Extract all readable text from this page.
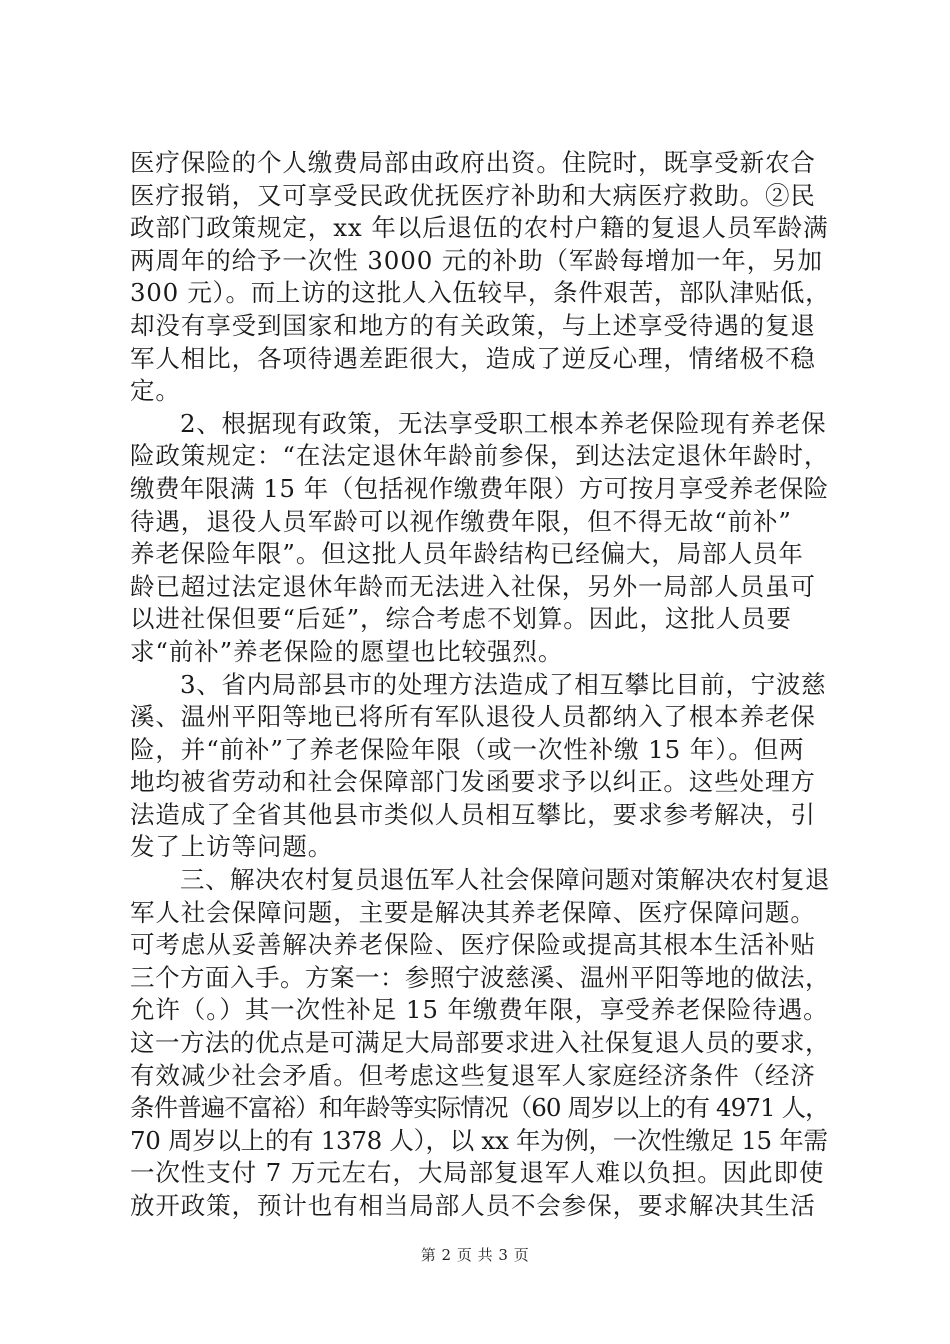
医疗保险的个人缴费局部由政府出资。住院时，既享受新农合
医疗报销，又可享受民政优抚医疗补助和大病医疗救助。②民
政部门政策规定，xx 年以后退伍的农村户籍的复退人员军龄满
两周年的给予一次性 3000 元的补助（军龄每增加一年，另加
300 元）。而上访的这批人入伍较早，条件艰苦，部队津贴低，
却没有享受到国家和地方的有关政策，与上述享受待遇的复退
军人相比，各项待遇差距很大，造成了逆反心理，情绪极不稳
定。
2、根据现有政策，无法享受职工根本养老保险现有养老保
险政策规定：“在法定退休年龄前参保，到达法定退休年龄时，
缴费年限满 15 年（包括视作缴费年限）方可按月享受养老保险
待遇，退役人员军龄可以视作缴费年限，但不得无故“前补”
养老保险年限”。但这批人员年龄结构已经偏大，局部人员年
龄已超过法定退休年龄而无法进入社保，另外一局部人员虽可
以进社保但要“后延”，综合考虑不划算。因此，这批人员要
求“前补”养老保险的愿望也比较强烈。
3、省内局部县市的处理方法造成了相互攀比目前，宁波慈
溪、温州平阳等地已将所有军队退役人员都纳入了根本养老保
险，并“前补”了养老保险年限（或一次性补缴 15 年）。但两
地均被省劳动和社会保障部门发函要求予以纠正。这些处理方
法造成了全省其他县市类似人员相互攀比，要求参考解决，引
发了上访等问题。
三、解决农村复员退伍军人社会保障问题对策解决农村复退
军人社会保障问题，主要是解决其养老保障、医疗保障问题。
可考虑从妥善解决养老保险、医疗保险或提高其根本生活补贴
三个方面入手。方案一：参照宁波慈溪、温州平阳等地的做法，
允许（。）其一次性补足 15 年缴费年限，享受养老保险待遇。
这一方法的优点是可满足大局部要求进入社保复退人员的要求，
有效减少社会矛盾。但考虑这些复退军人家庭经济条件（经济
条件普遍不富裕）和年龄等实际情况（60 周岁以上的有 4971 人，
70 周岁以上的有 1378 人），以 xx 年为例，一次性缴足 15 年需
一次性支付 7 万元左右，大局部复退军人难以负担。因此即使
放开政策，预计也有相当局部人员不会参保，要求解决其生活
第 2 页 共 3 页
